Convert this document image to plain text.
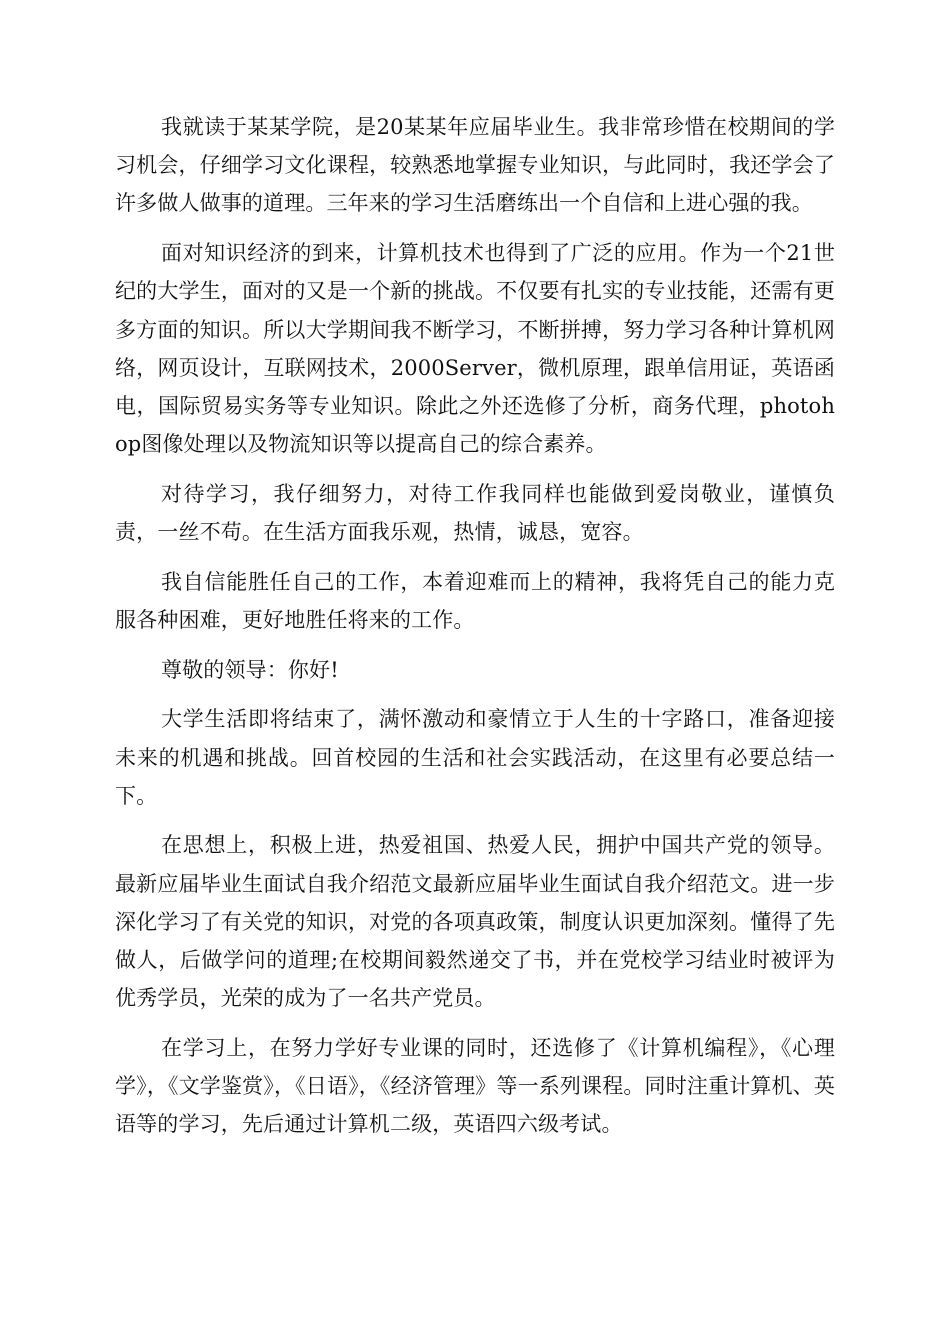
我就读于某某学院，是20某某年应届毕业生。我非常珍惜在校期间的学习机会，仔细学习文化课程，较熟悉地掌握专业知识，与此同时，我还学会了许多做人做事的道理。三年来的学习生活磨练出一个自信和上进心强的我。

面对知识经济的到来，计算机技术也得到了广泛的应用。作为一个21世纪的大学生，面对的又是一个新的挑战。不仅要有扎实的专业技能，还需有更多方面的知识。所以大学期间我不断学习，不断拼搏，努力学习各种计算机网络，网页设计，互联网技术，2000Server，微机原理，跟单信用证，英语函电，国际贸易实务等专业知识。除此之外还选修了分析，商务代理，photohop图像处理以及物流知识等以提高自己的综合素养。

对待学习，我仔细努力，对待工作我同样也能做到爱岗敬业，谨慎负责，一丝不苟。在生活方面我乐观，热情，诚恳，宽容。

我自信能胜任自己的工作，本着迎难而上的精神，我将凭自己的能力克服各种困难，更好地胜任将来的工作。

尊敬的领导：你好!

大学生活即将结束了，满怀激动和豪情立于人生的十字路口，准备迎接未来的机遇和挑战。回首校园的生活和社会实践活动，在这里有必要总结一下。

在思想上，积极上进，热爱祖国、热爱人民，拥护中国共产党的领导。最新应届毕业生面试自我介绍范文最新应届毕业生面试自我介绍范文。进一步深化学习了有关党的知识，对党的各项真政策，制度认识更加深刻。懂得了先做人，后做学问的道理;在校期间毅然递交了书，并在党校学习结业时被评为优秀学员，光荣的成为了一名共产党员。

在学习上，在努力学好专业课的同时，还选修了《计算机编程》，《心理学》，《文学鉴赏》，《日语》，《经济管理》等一系列课程。同时注重计算机、英语等的学习，先后通过计算机二级，英语四六级考试。
